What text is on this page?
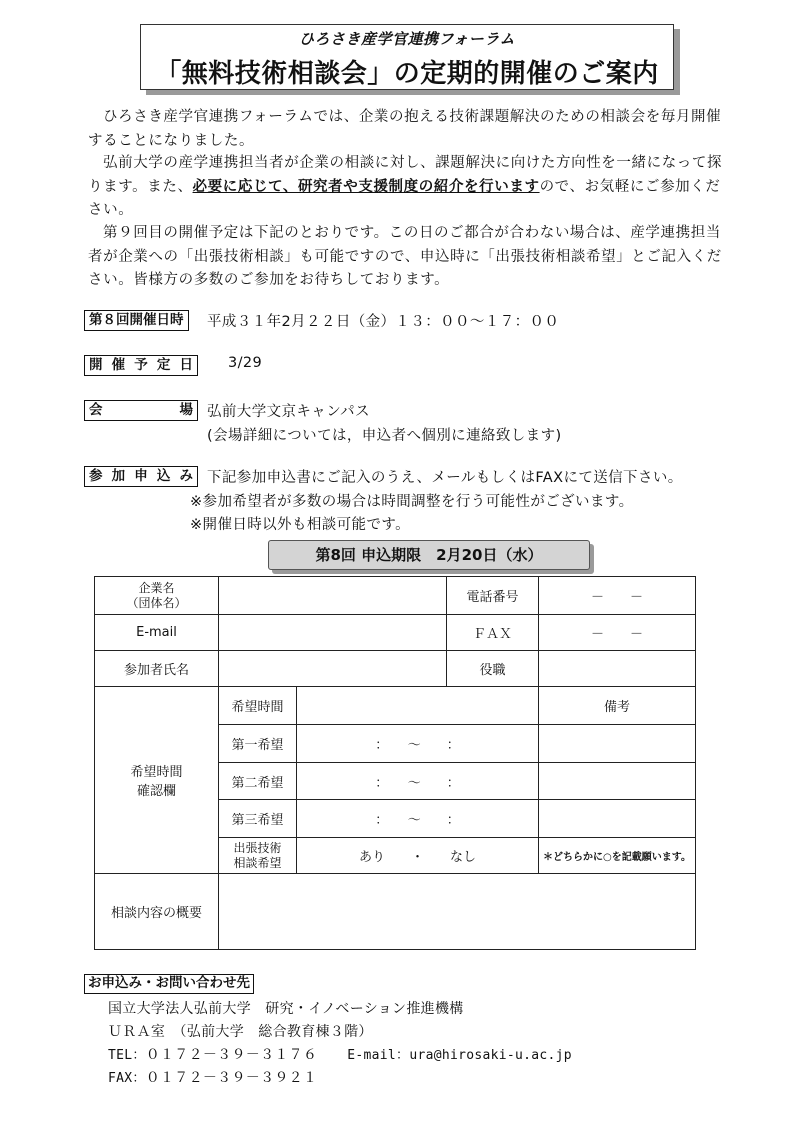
ひろさき産学官連携フォーラム
「無料技術相談会」の定期的開催のご案内

ひろさき産学官連携フォーラムでは、企業の抱える技術課題解決のための相談会を毎月開催することになりました。

弘前大学の産学連携担当者が企業の相談に対し、課題解決に向けた方向性を一緒になって探ります。また、必要に応じて、研究者や支援制度の紹介を行いますので、お気軽にご参加ください。

第９回目の開催予定は下記のとおりです。この日のご都合が合わない場合は、産学連携担当者が企業への「出張技術相談」も可能ですので、申込時に「出張技術相談希望」とご記入ください。皆様方の多数のご参加をお待ちしております。

第８回開催日時	平成３１年2月２２日（金）１３：００～１７：００
開 催 予 定 日 3/29
会	場 弘前大学文京キャンパス
(会場詳細については，申込者へ個別に連絡致します)
参 加 申 込 み 下記参加申込書にご記入のうえ、メールもしくはFAXにて送信下さい。
※参加希望者が多数の場合は時間調整を行う可能性がございます。
※開催日時以外も相談可能です。
第8回 申込期限　2月20日（水）
企業名
（団体名）			電話番号	－　　－
E-mail			ＦＡＸ	－　　－
参加者氏名			役職	
希望時間
確認欄	希望時間			備考
	第一希望	：　　～　　：		
	第二希望	：　　～　　：		
	第三希望	：　　～　　：		
	出張技術
相談希望	あり　　・　　なし		＊どちらかに○を記載願います。
相談内容の概要				
お申込み・お問い合わせ先
国立大学法人弘前大学　研究・イノベーション推進機構
ＵＲＡ室　（弘前大学　総合教育棟３階）
TEL：０１７２－３９－３１７６ E-mail：ura@hirosaki-u.ac.jp
FAX：０１７２－３９－３９２１
